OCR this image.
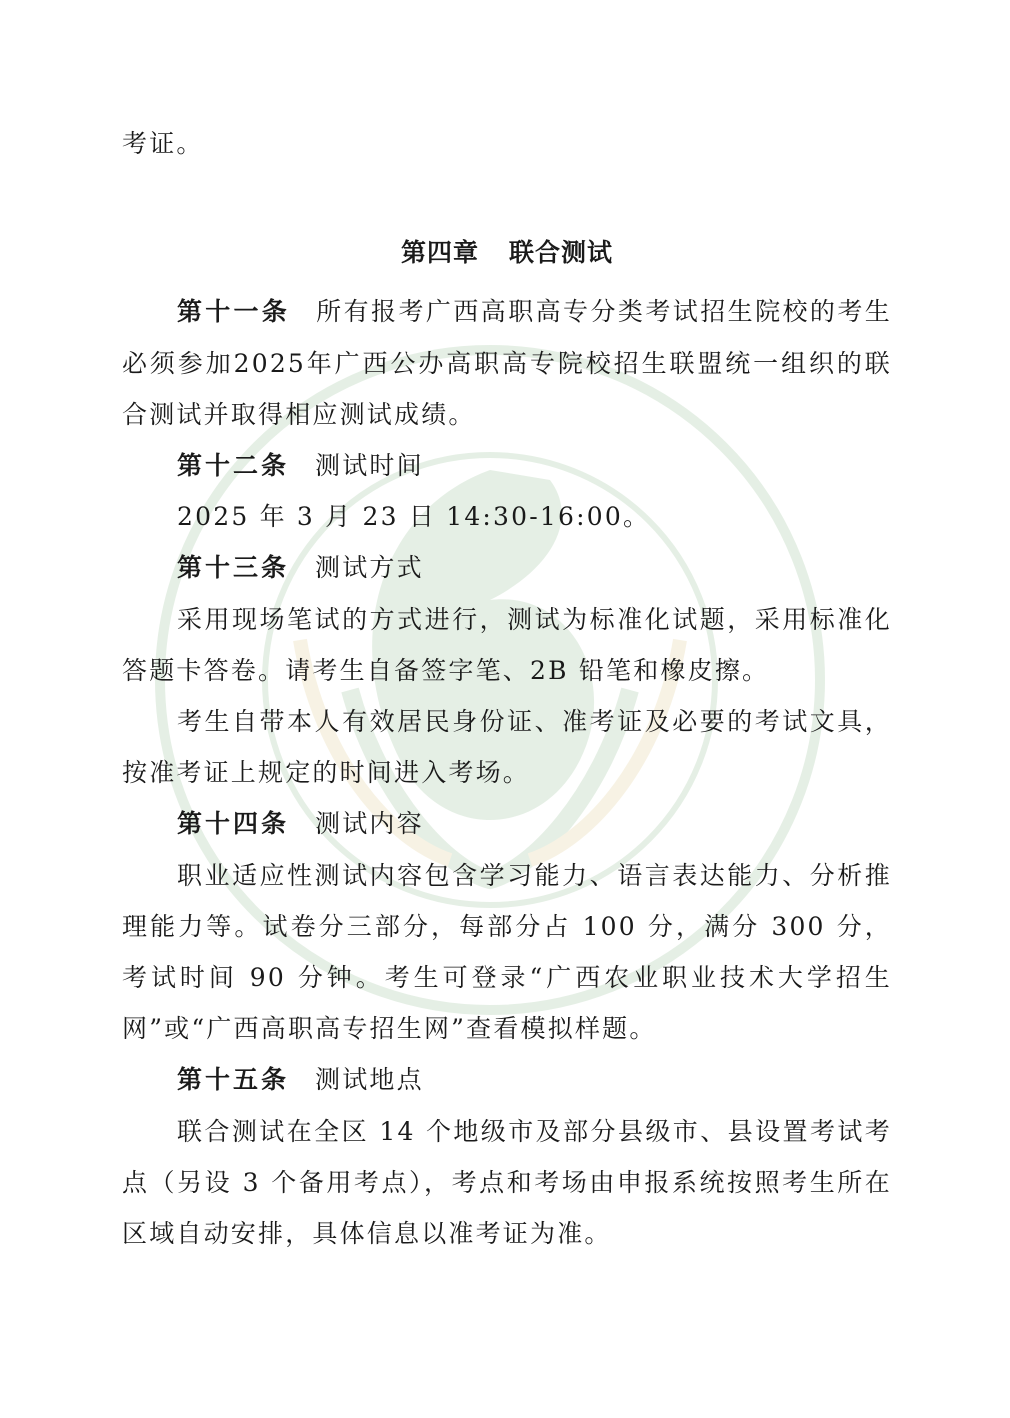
考证。

第四章 联合测试

第十一条 所有报考广西高职高专分类考试招生院校的考生必须参加2025年广西公办高职高专院校招生联盟统一组织的联合测试并取得相应测试成绩。

第十二条 测试时间

2025 年 3 月 23 日 14:30-16:00。

第十三条 测试方式

采用现场笔试的方式进行，测试为标准化试题，采用标准化答题卡答卷。请考生自备签字笔、2B 铅笔和橡皮擦。

考生自带本人有效居民身份证、准考证及必要的考试文具，按准考证上规定的时间进入考场。

第十四条 测试内容

职业适应性测试内容包含学习能力、语言表达能力、分析推理能力等。试卷分三部分，每部分占 100 分，满分 300 分，考试时间 90 分钟。考生可登录“广西农业职业技术大学招生网”或“广西高职高专招生网”查看模拟样题。

第十五条 测试地点

联合测试在全区 14 个地级市及部分县级市、县设置考试考点（另设 3 个备用考点），考点和考场由申报系统按照考生所在区域自动安排，具体信息以准考证为准。
